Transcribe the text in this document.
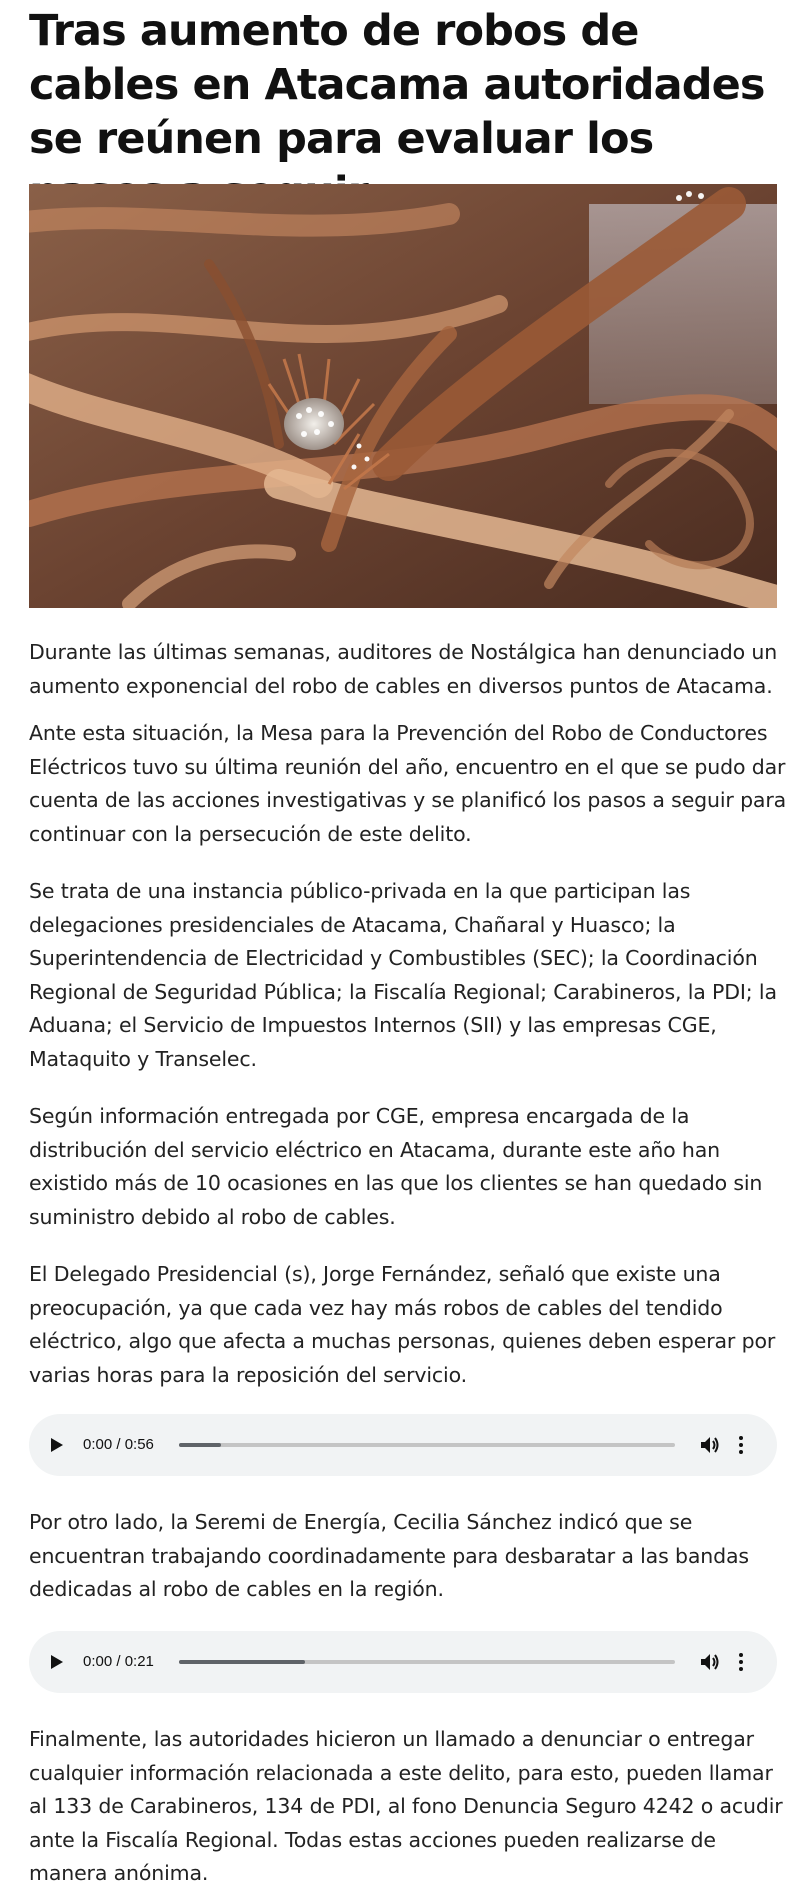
Tras aumento de robos de cables en Atacama autoridades se reúnen para evaluar los

Durante las últimas semanas, auditores de Nostálgica han denunciado un aumento exponencial del robo de cables en diversos puntos de Atacama.

Ante esta situación, la Mesa para la Prevención del Robo de Conductores Eléctricos tuvo su última reunión del año, encuentro en el que se pudo dar cuenta de las acciones investigativas y se planificó los pasos a seguir para continuar con la persecución de este delito.

Se trata de una instancia público-privada en la que participan las delegaciones presidenciales de Atacama, Chañaral y Huasco; la Superintendencia de Electricidad y Combustibles (SEC); la Coordinación Regional de Seguridad Pública; la Fiscalía Regional; Carabineros, la PDI; la Aduana; el Servicio de Impuestos Internos (SII) y las empresas CGE, Mataquito y Transelec.

Según información entregada por CGE, empresa encargada de la distribución del servicio eléctrico en Atacama, durante este año han existido más de 10 ocasiones en las que los clientes se han quedado sin suministro debido al robo de cables.

El Delegado Presidencial (s), Jorge Fernández, señaló que existe una preocupación, ya que cada vez hay más robos de cables del tendido eléctrico, algo que afecta a muchas personas, quienes deben esperar por varias horas para la reposición del servicio.

0:00 / 0:56

Por otro lado, la Seremi de Energía, Cecilia Sánchez indicó que se encuentran trabajando coordinadamente para desbaratar a las bandas dedicadas al robo de cables en la región.

0:00 / 0:21

Finalmente, las autoridades hicieron un llamado a denunciar o entregar cualquier información relacionada a este delito, para esto, pueden llamar al 133 de Carabineros, 134 de PDI, al fono Denuncia Seguro 4242 o acudir ante la Fiscalía Regional. Todas estas acciones pueden realizarse de manera anónima.
